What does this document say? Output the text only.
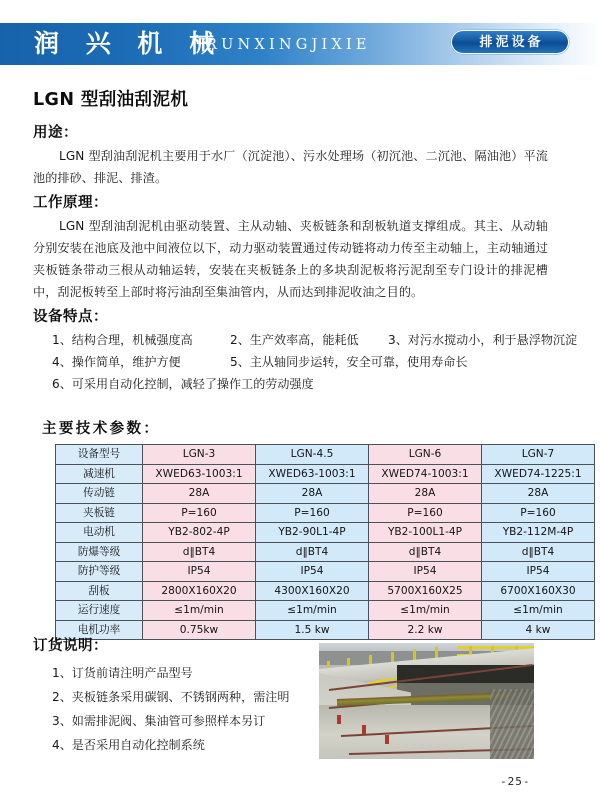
润 兴 机 械
RUNXINGJIXIE	排泥设备
LGN 型刮油刮泥机
用途：
LGN 型刮油刮泥机主要用于水厂（沉淀池）、污水处理场（初沉池、二沉池、隔油池）平流池的排砂、排泥、排渣。
工作原理：
LGN 型刮油刮泥机由驱动装置、主从动轴、夹板链条和刮板轨道支撑组成。其主、从动轴分别安装在池底及池中间液位以下，动力驱动装置通过传动链将动力传至主动轴上，主动轴通过夹板链条带动三根从动轴运转，安装在夹板链条上的多块刮泥板将污泥刮至专门设计的排泥槽中，刮泥板转至上部时将污油刮至集油管内，从而达到排泥收油之目的。
设备特点：
1、结构合理，机械强度高	2、生产效率高，能耗低 3、对污水搅动小，利于悬浮物沉淀
4、操作简单，维护方便	5、主从轴同步运转，安全可靠，使用寿命长
6、可采用自动化控制，减轻了操作工的劳动强度
主要技术参数：
设备型号	LGN-3	LGN-4.5	LGN-6	LGN-7
减速机	XWED63-1003:1	XWED63-1003:1	XWED74-1003:1	XWED74-1225:1
传动链	28A	28A	28A	28A
夹板链	P=160	P=160	P=160	P=160
电动机	YB2-802-4P	YB2-90L1-4P	YB2-100L1-4P	YB2-112M-4P
防爆等级	d‖BT4	d‖BT4	d‖BT4	d‖BT4
防护等级	IP54	IP54	IP54	IP54
刮板	2800X160X20	4300X160X20	5700X160X25	6700X160X30
运行速度	≤1m/min	≤1m/min	≤1m/min	≤1m/min
电机功率	0.75kw	1.5 kw	2.2 kw	4 kw
订货说明：
1、订货前请注明产品型号
2、夹板链条采用碳钢、不锈钢两种，需注明
3、如需排泥阀、集油管可参照样本另订
4、是否采用自动化控制系统
-25-
